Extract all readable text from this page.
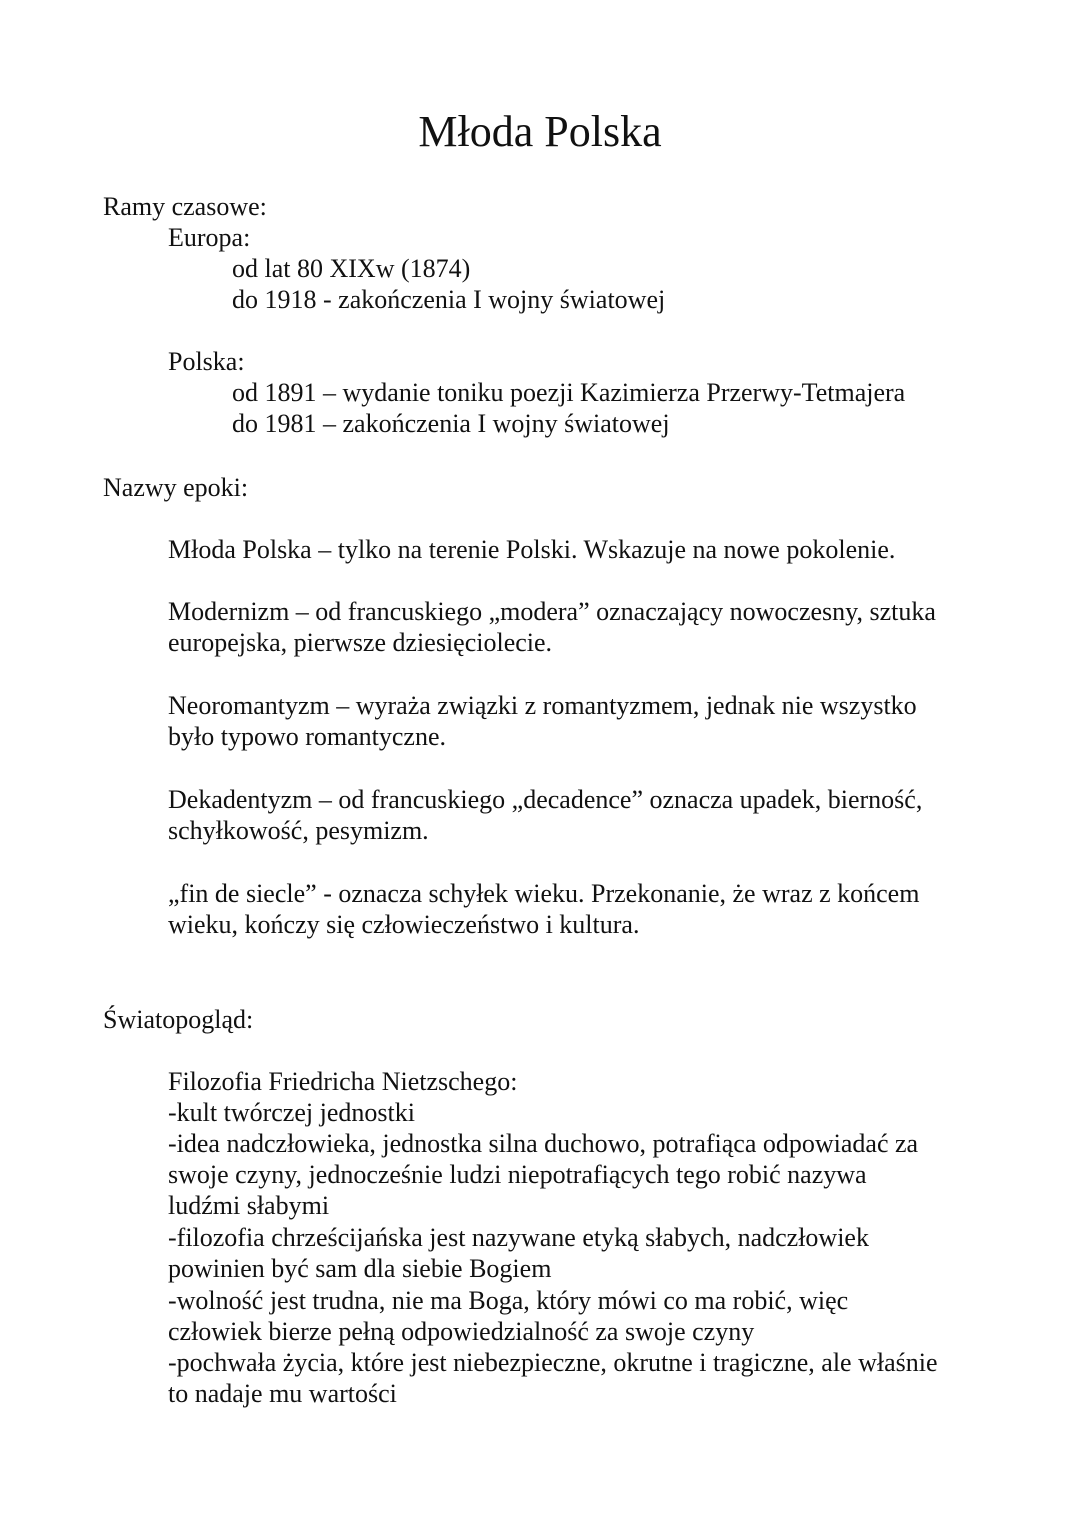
Młoda Polska
Ramy czasowe:
Europa:
od lat 80 XIXw (1874)
do 1918 - zakończenia I wojny światowej
Polska:
od 1891 – wydanie toniku poezji Kazimierza Przerwy-Tetmajera
do 1981 – zakończenia I wojny światowej
Nazwy epoki:
Młoda Polska – tylko na terenie Polski. Wskazuje na nowe pokolenie.
Modernizm – od francuskiego „modera” oznaczający nowoczesny, sztuka
europejska, pierwsze dziesięciolecie.
Neoromantyzm – wyraża związki z romantyzmem, jednak nie wszystko
było typowo romantyczne.
Dekadentyzm – od francuskiego „decadence” oznacza upadek, bierność,
schyłkowość, pesymizm.
„fin de siecle” - oznacza schyłek wieku. Przekonanie, że wraz z końcem
wieku, kończy się człowieczeństwo i kultura.
Światopogląd:
Filozofia Friedricha Nietzschego:
-kult twórczej jednostki
-idea nadczłowieka, jednostka silna duchowo, potrafiąca odpowiadać za
swoje czyny, jednocześnie ludzi niepotrafiących tego robić nazywa
ludźmi słabymi
-filozofia chrześcijańska jest nazywane etyką słabych, nadczłowiek
powinien być sam dla siebie Bogiem
-wolność jest trudna, nie ma Boga, który mówi co ma robić, więc
człowiek bierze pełną odpowiedzialność za swoje czyny
-pochwała życia, które jest niebezpieczne, okrutne i tragiczne, ale właśnie
to nadaje mu wartości
